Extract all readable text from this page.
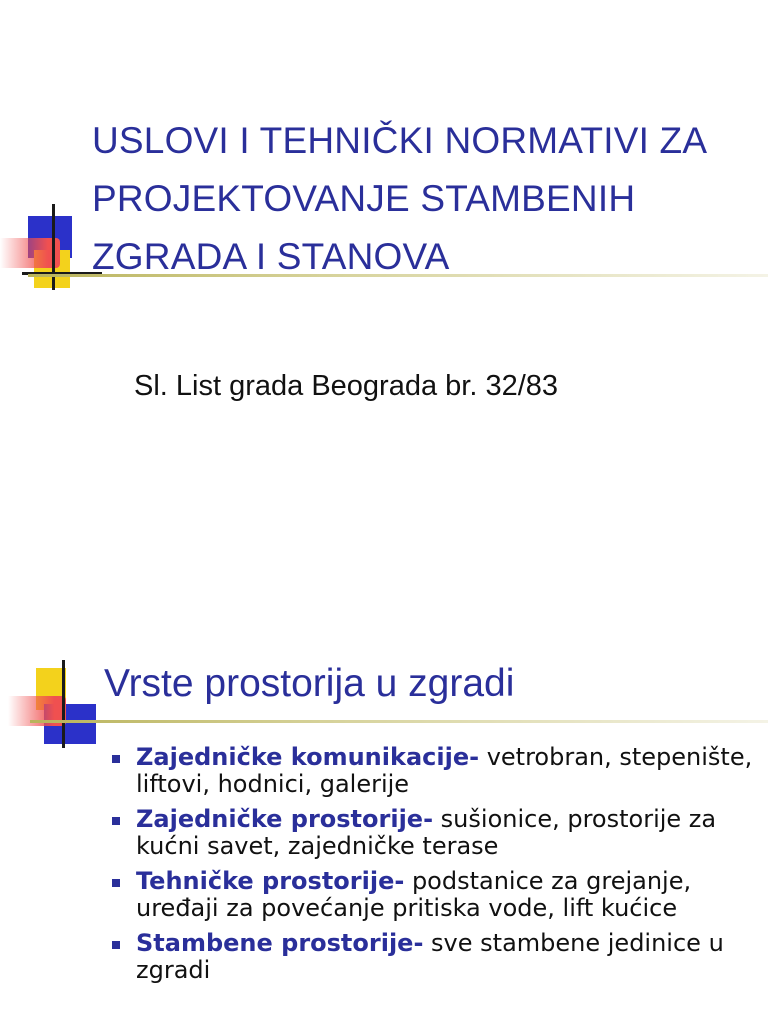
USLOVI I TEHNIČKI NORMATIVI ZA PROJEKTOVANJE STAMBENIH ZGRADA I STANOVA

Sl. List grada Beograda br. 32/83

Vrste prostorija u zgradi
Zajedničke komunikacije- vetrobran, stepenište, liftovi, hodnici, galerije
Zajedničke prostorije- sušionice, prostorije za kućni savet, zajedničke terase
Tehničke prostorije- podstanice za grejanje, uređaji za povećanje pritiska vode, lift kućice
Stambene prostorije- sve stambene jedinice u zgradi
